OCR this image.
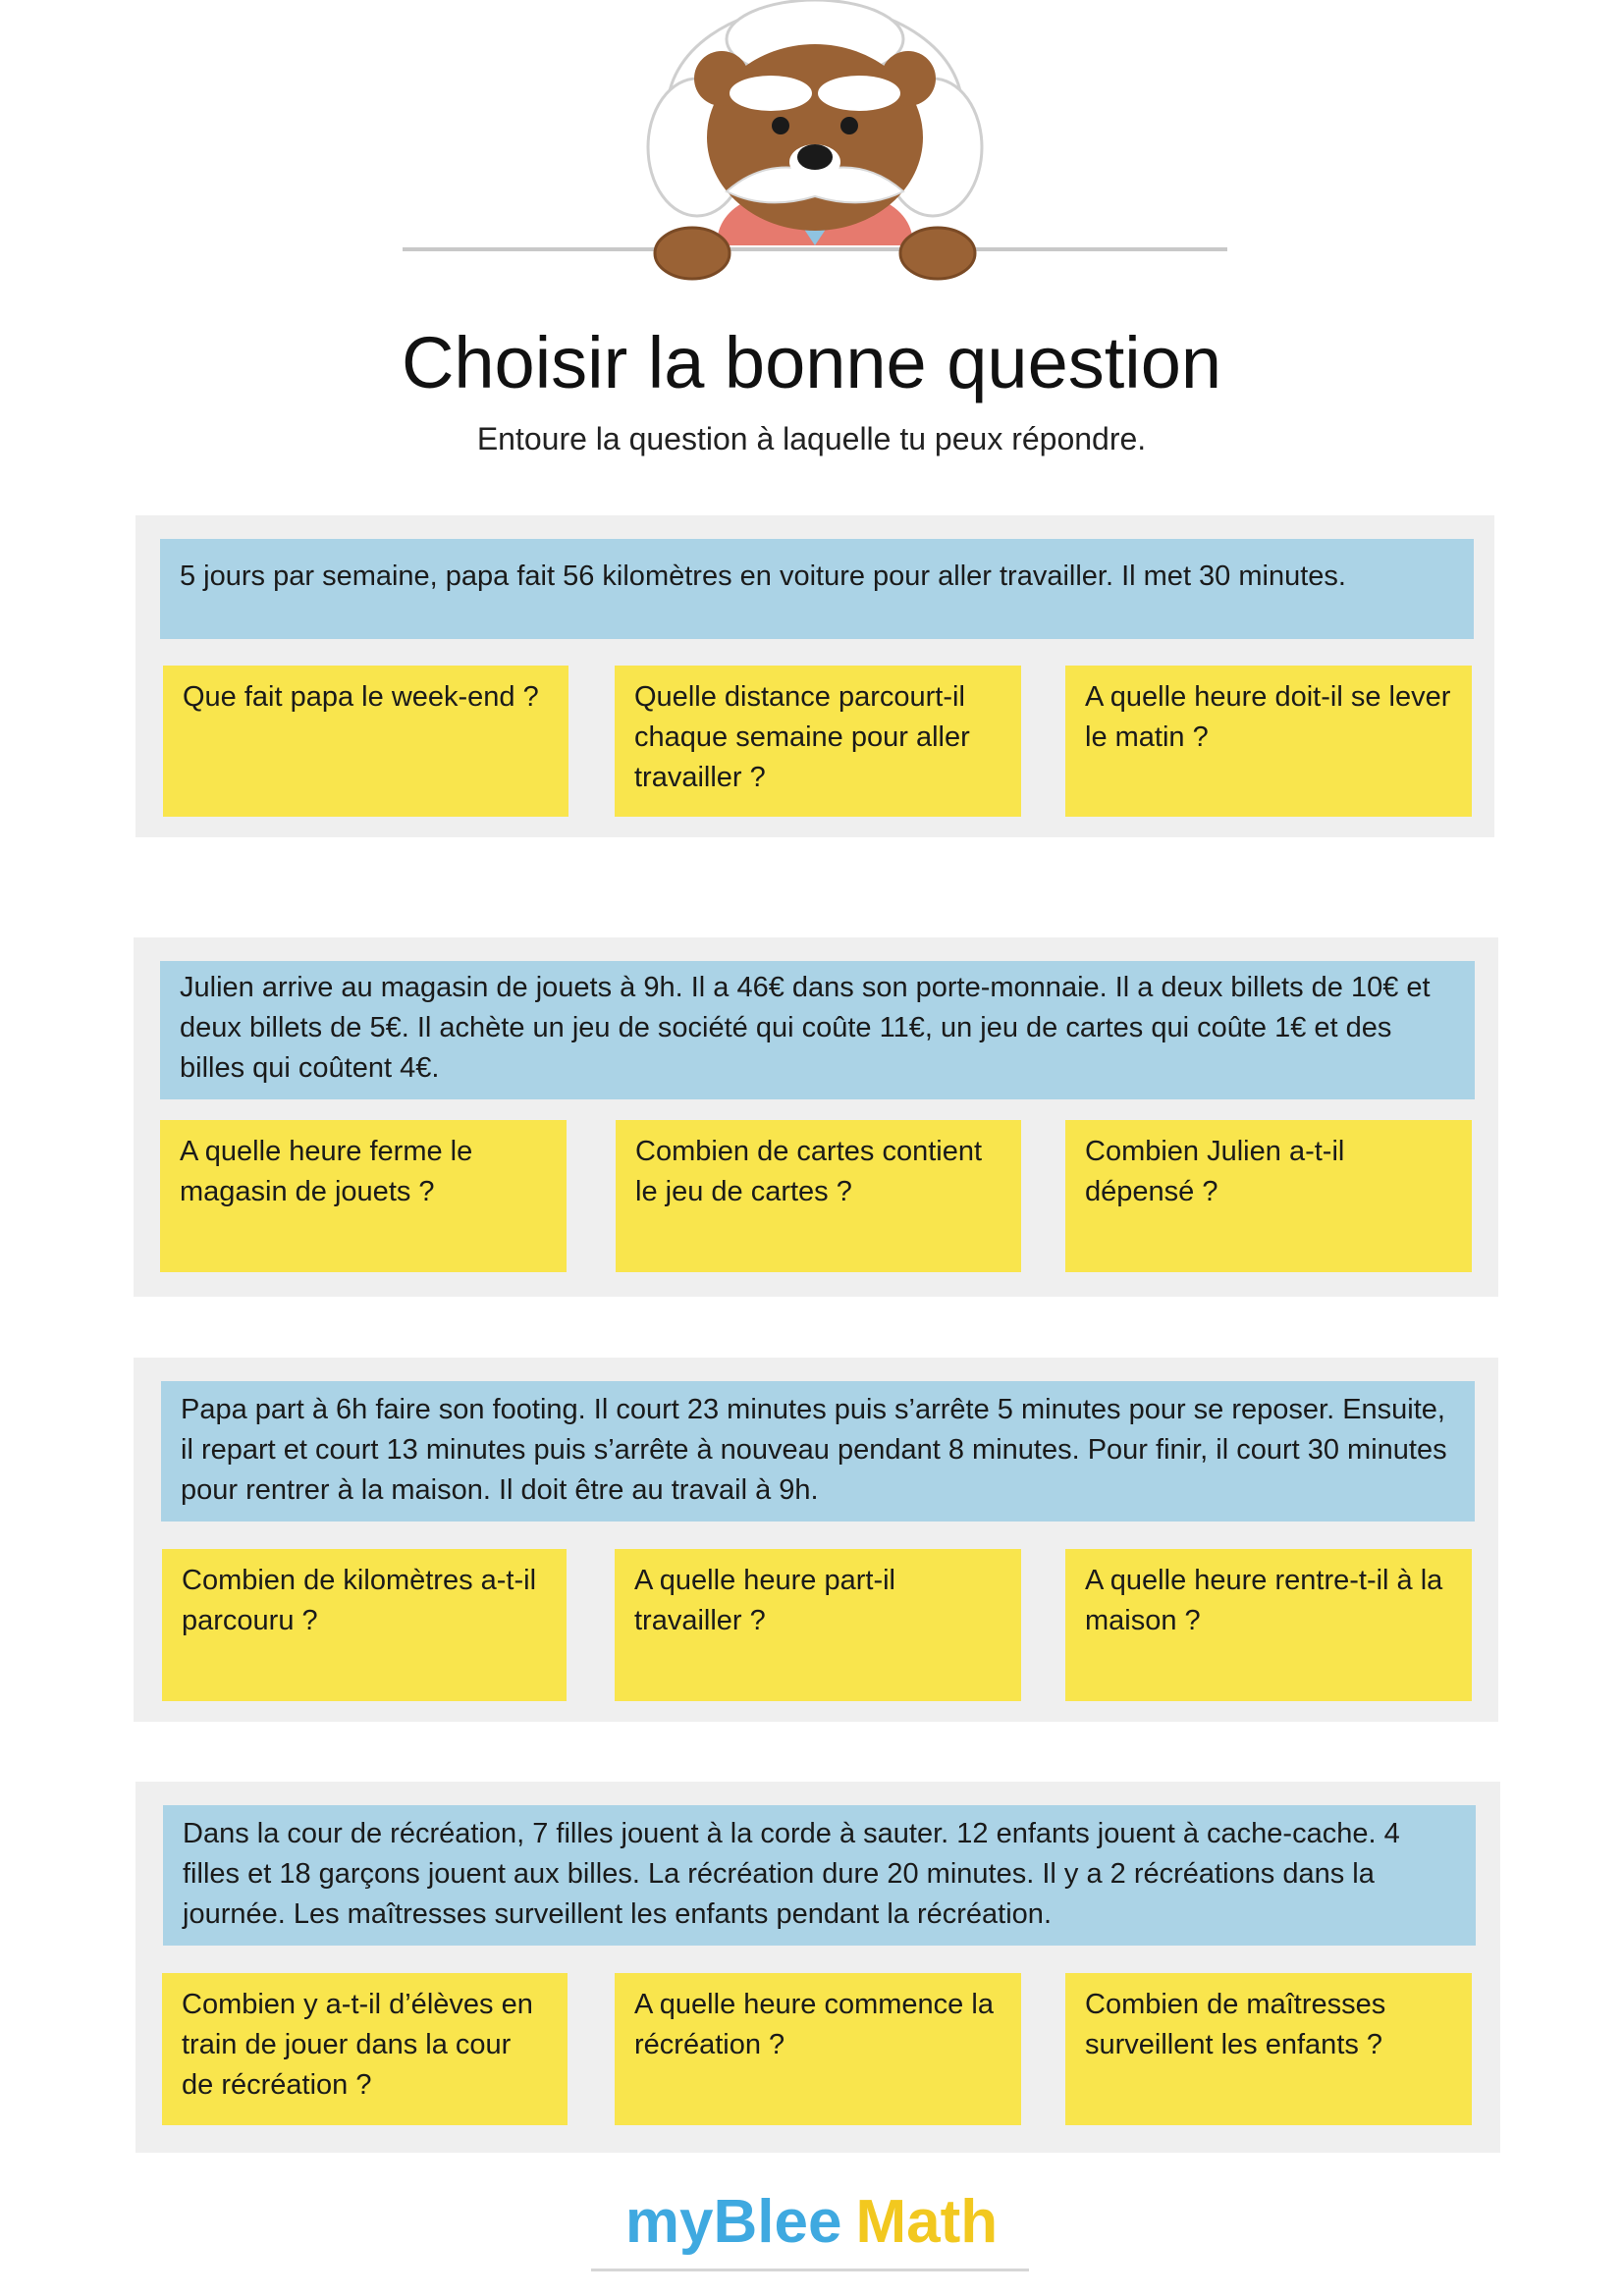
Choisir la bonne question
Entoure la question à laquelle tu peux répondre.
5 jours par semaine, papa fait 56 kilomètres en voiture pour aller travailler. Il met 30 minutes.
Que fait papa le week-end ?	Quelle distance parcourt-il chaque semaine pour aller travailler ?
A quelle heure doit-il se lever le matin ?
Julien arrive au magasin de jouets à 9h. Il a 46€ dans son porte-monnaie. Il a deux billets de 10€ et deux billets de 5€. Il achète un jeu de société qui coûte 11€, un jeu de cartes qui coûte 1€ et des billes qui coûtent 4€.
A quelle heure ferme le magasin de jouets ?
Combien de cartes contient le jeu de cartes ?
Combien Julien a-t-il dépensé ?
Papa part à 6h faire son footing. Il court 23 minutes puis s’arrête 5 minutes pour se reposer. Ensuite, il repart et court 13 minutes puis s’arrête à nouveau pendant 8 minutes. Pour finir, il court 30 minutes pour rentrer à la maison. Il doit être au travail à 9h.
Combien de kilomètres a-t-il parcouru ?
A quelle heure part-il travailler ?
A quelle heure rentre-t-il à la maison ?
Dans la cour de récréation, 7 filles jouent à la corde à sauter. 12 enfants jouent à cache-cache. 4 filles et 18 garçons jouent aux billes. La récréation dure 20 minutes. Il y a 2 récréations dans la journée. Les maîtresses surveillent les enfants pendant la récréation.
Combien y a-t-il d’élèves en train de jouer dans la cour de récréation ?
A quelle heure commence la récréation ?
Combien de maîtresses surveillent les enfants ?
myBlee Math
